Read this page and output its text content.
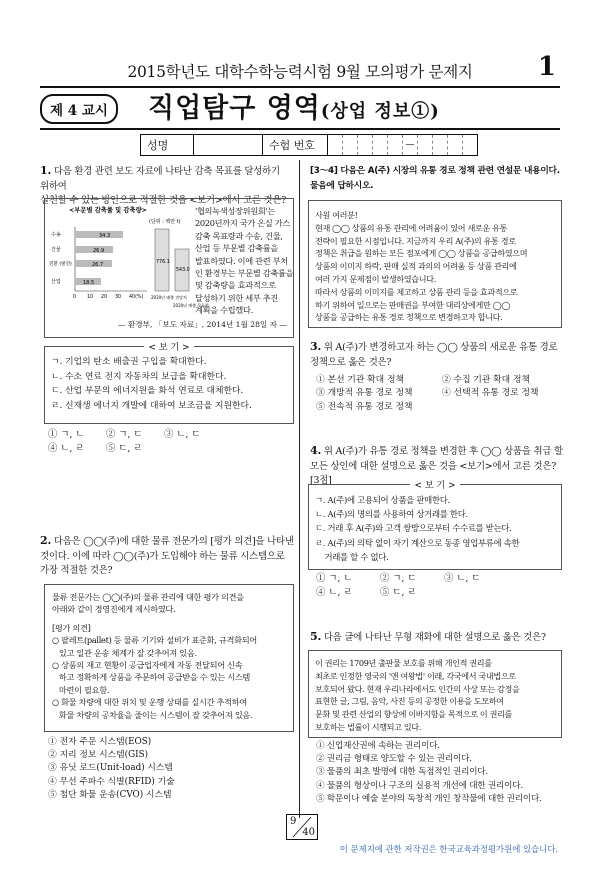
2015학년도 대학수학능력시험 9월 모의평가 문제지	1
제 4 교시	직업탐구 영역(상업 정보①)
성명	수험 번호	—
1. 다음 환경 관련 보도 자료에 나타난 감축 목표를 달성하기 위하여
실천할 수 있는 방안으로 적절한 것을 <보기>에서 고른 것은?
<부문별 감축률 및 감축량>
(단위 : 백만 t)
0 10 20 30 40(%)
수송	34.3
건물	26.9
전환 (발전)	26.7
산업	18.5
776.1
543.0
2020년 배출 전망치
2020년 배출 목표량
'협의녹색성장위원회'는
2020년까지 국가 온실 가스
감축 목표량과 수송, 건물,
산업 등 부문별 감축률을
발표하였다. 이에 관련 부처
인 환경부는 부문별 감축률을
및 감축량을 효과적으로
달성하기 위한 세부 추진
계획을 수립했다.
— 환경부, 「보도 자료」, 2014년 1월 28일 자 —
< 보 기 >
ㄱ. 기업의 탄소 배출권 구입을 확대한다.
ㄴ. 수소 연료 전지 자동차의 보급을 확대한다.
ㄷ. 산업 부문의 에너지원을 화석 연료로 대체한다.
ㄹ. 신재생 에너지 개발에 대하여 보조금을 지원한다.
① ㄱ, ㄴ	② ㄱ, ㄷ	③ ㄴ, ㄷ
④ ㄴ, ㄹ	⑤ ㄷ, ㄹ
2. 다음은 ◯◯(주)에 대한 물류 전문가의 [평가 의견]을 나타낸
것이다. 이에 따라 ◯◯(주)가 도입해야 하는 물류 시스템으로
가장 적절한 것은?
물류 전문가는 ◯◯(주)의 물류 관리에 대한 평가 의견을
아래와 같이 경영진에게 제시하였다.
[평가 의견]
○ 팔레트(pallet) 등 물류 기기와 설비가 표준화, 규격화되어
있고 일관 운송 체계가 잘 갖추어져 있음.
○ 상품의 재고 현황이 공급업자에게 자동 전달되어 신속
하고 정확하게 상품을 주문하여 공급받을 수 있는 시스템
마련이 필요함.
○ 화물 차량에 대한 위치 및 운행 상태를 실시간 추적하여
화물 차량의 공차율을 줄이는 시스템이 잘 갖추어져 있음.
① 전자 주문 시스템(EOS)
② 지리 정보 시스템(GIS)
③ 유닛 로드(Unit-load) 시스템
④ 무선 주파수 식별(RFID) 기술
⑤ 첨단 화물 운송(CVO) 시스템
[3～4] 다음은 A(주) 시장의 유통 경로 정책 관련 연설문 내용이다.
물음에 답하시오.
사원 여러분!
현재 ◯◯ 상품의 유통 관리에 어려움이 있어 새로운 유통
전략이 필요한 시점입니다. 지금까지 우리 A(주)의 유통 경로
정책은 취급을 원하는 모든 점포에게 ◯◯ 상품을 공급하였으며
상품의 이미지 하락, 판매 실적 과의의 어려움 등 상품 관리에
여러 가지 문제점이 발생하였습니다.
따라서 상품의 이미지를 제고하고 상품 관리 등을 효과적으로
하기 위하여 일으로는 판매권을 부여한 대리상에게만 ◯◯
상품을 공급하는 유통 경로 정책으로 변경하고자 합니다.
3. 위 A(주)가 변경하고자 하는 ◯◯ 상품의 새로운 유통 경로
정책으로 옳은 것은?
① 본선 기관 확대 정책	② 수집 기관 확대 정책
③ 개방적 유통 경로 정책	④ 선택적 유통 경로 정책
⑤ 전속적 유통 경로 정책
4. 위 A(주)가 유통 경로 정책을 변경한 후 ◯◯ 상품을 취급 할
모든 상인에 대한 설명으로 옳은 것을 <보기>에서 고른 것은? [3점]	< 보 기 >
ㄱ. A(주)에 고용되어 상품을 판매한다.
ㄴ. A(주)의 명의를 사용하여 상거래를 한다.
ㄷ. 거래 후 A(주)와 고객 쌍방으로부터 수수료를 받는다.
ㄹ. A(주)의 의탁 없이 자기 계산으로 동종 영업부류에 속한
거래를 할 수 없다.
① ㄱ, ㄴ	② ㄱ, ㄷ	③ ㄴ, ㄷ
④ ㄴ, ㄹ	⑤ ㄷ, ㄹ
5. 다음 글에 나타난 무형 재화에 대한 설명으로 옳은 것은?
이 권리는 1709년 출판물 보호를 위해 개인적 권리를
최초로 인정한 영국의 '앤 여왕법' 이래, 각국에서 국내법으로
보호되어 왔다. 현재 우리나라에서도 인간의 사상 또는 감정을
표현한 글, 그림, 음악, 사진 등의 공정한 이용을 도모하여
문화 및 관련 산업의 향상에 이바지함을 목적으로 이 권리를
보호하는 법률이 시행되고 있다.
① 신업재산권에 속하는 권리이다.
② 권리금 형태로 양도할 수 있는 권리이다.
③ 물품의 최초 발명에 대한 독점적인 권리이다.
④ 물품의 형상이나 구조의 실용적 개선에 대한 권리이다.
⑤ 학문이나 예술 분야의 독창적 개인 창작물에 대한 권리이다.
9
40
이 문제지에 관한 저작권은 한국교육과정평가원에 있습니다.
